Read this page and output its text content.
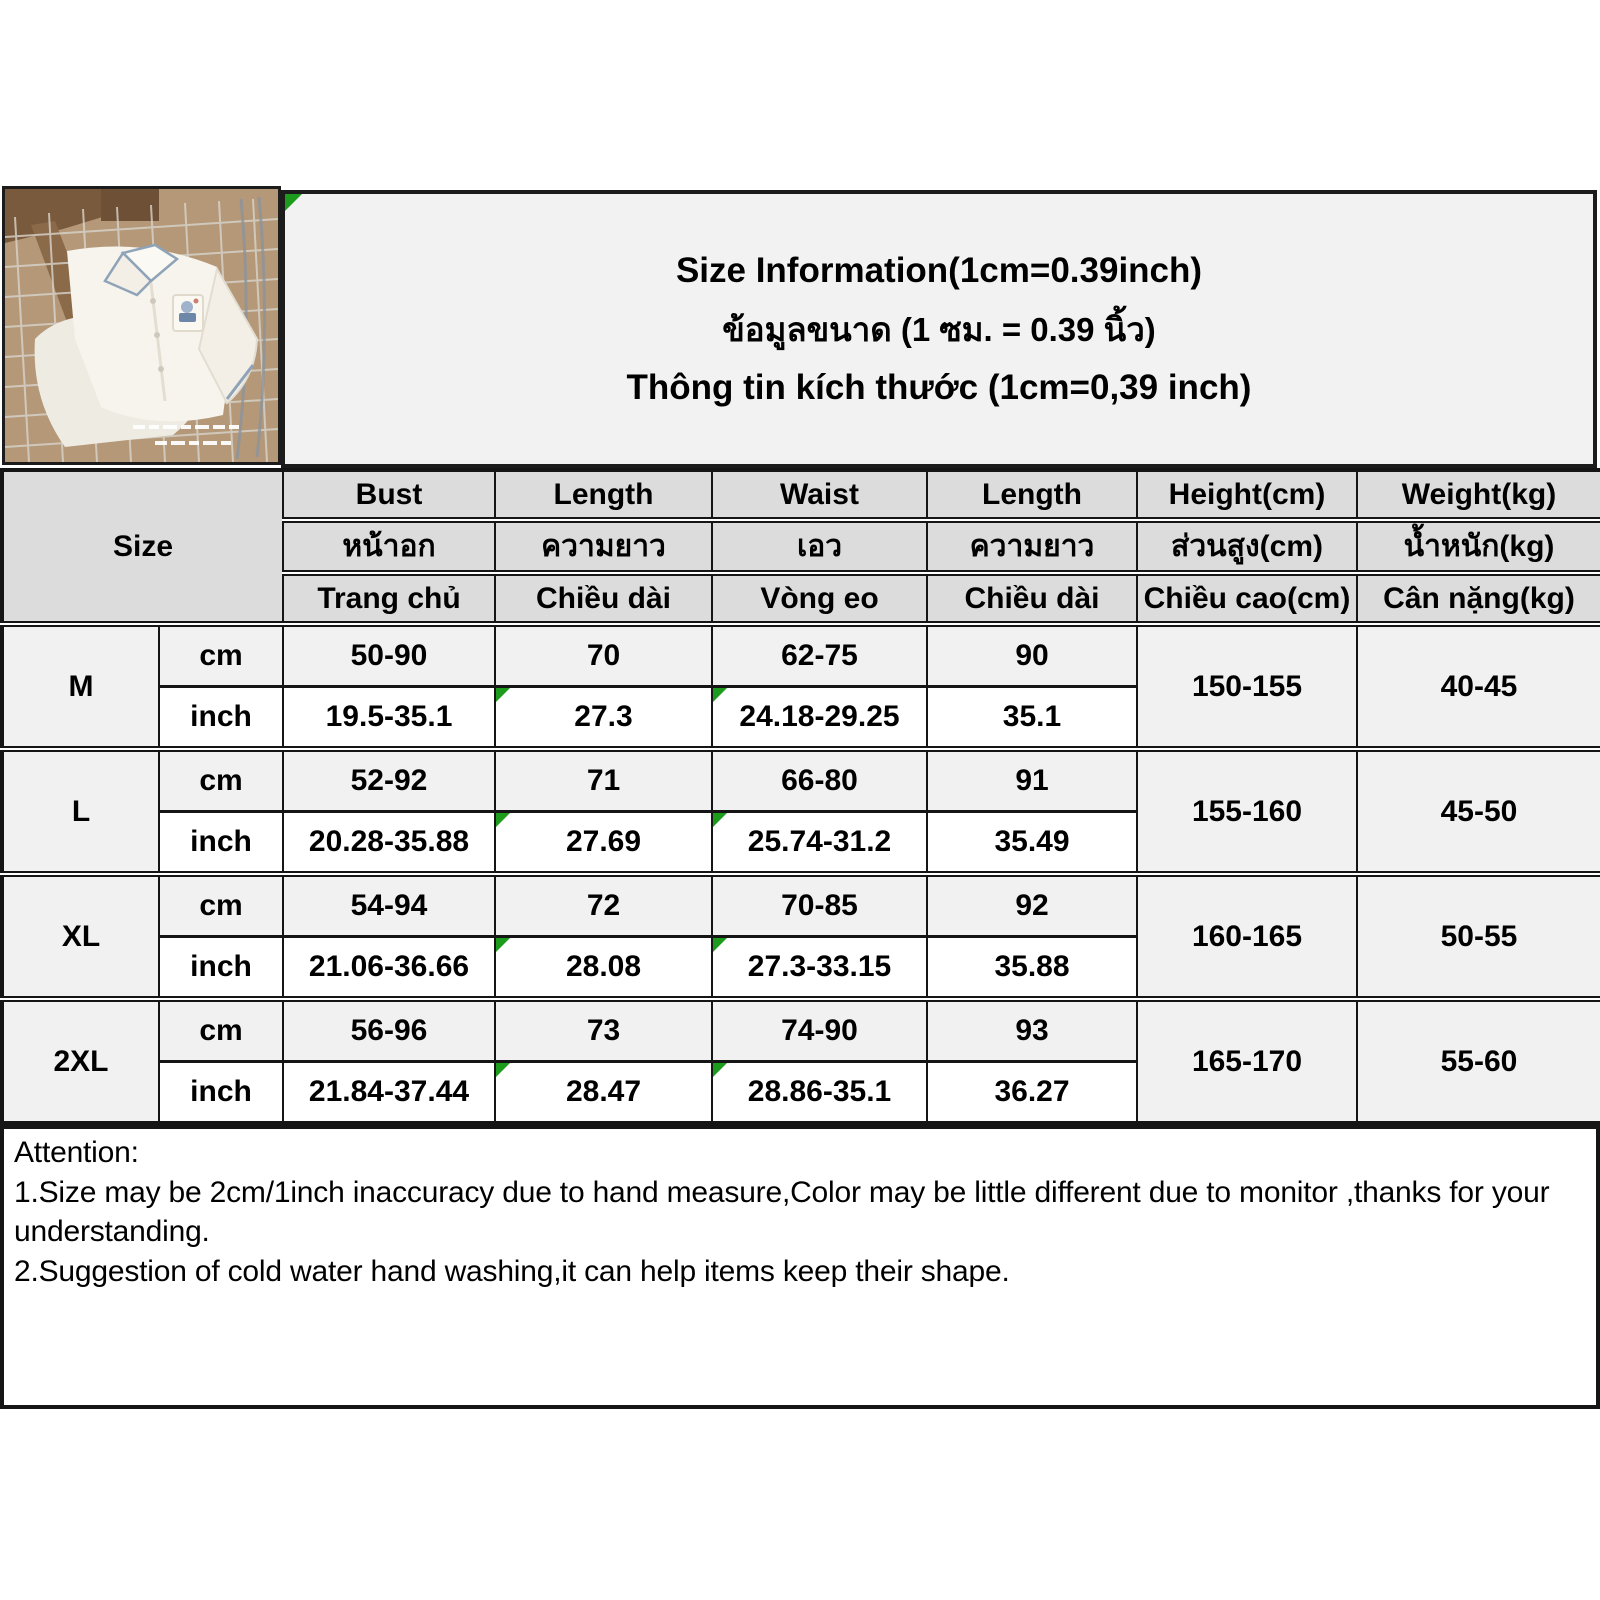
Size Information(1cm=0.39inch)
ข้อมูลขนาด (1 ซม. = 0.39 นิ้ว)
Thông tin kích thước (1cm=0,39 inch)
Size		Bust	Length	Waist	Length	Height(cm)	Weight(kg)
		หน้าอก	ความยาว	เอว	ความยาว	ส่วนสูง(cm)	น้ำหนัก(kg)
		Trang chủ	Chiều dài	Vòng eo	Chiều dài	Chiều cao(cm)	Cân nặng(kg)
M	cm	50-90	70	62-75	90	150-155	40-45
	inch	19.5-35.1	27.3	24.18-29.25	35.1		
L	cm	52-92	71	66-80	91	155-160	45-50
	inch	20.28-35.88	27.69	25.74-31.2	35.49		
XL	cm	54-94	72	70-85	92	160-165	50-55
	inch	21.06-36.66	28.08	27.3-33.15	35.88		
2XL	cm	56-96	73	74-90	93	165-170	55-60
	inch	21.84-37.44	28.47	28.86-35.1	36.27		

Attention:

1.Size may be 2cm/1inch inaccuracy due to hand measure,Color may be little different due to monitor ,thanks for your understanding.

2.Suggestion of cold water hand washing,it can help items keep their shape.
